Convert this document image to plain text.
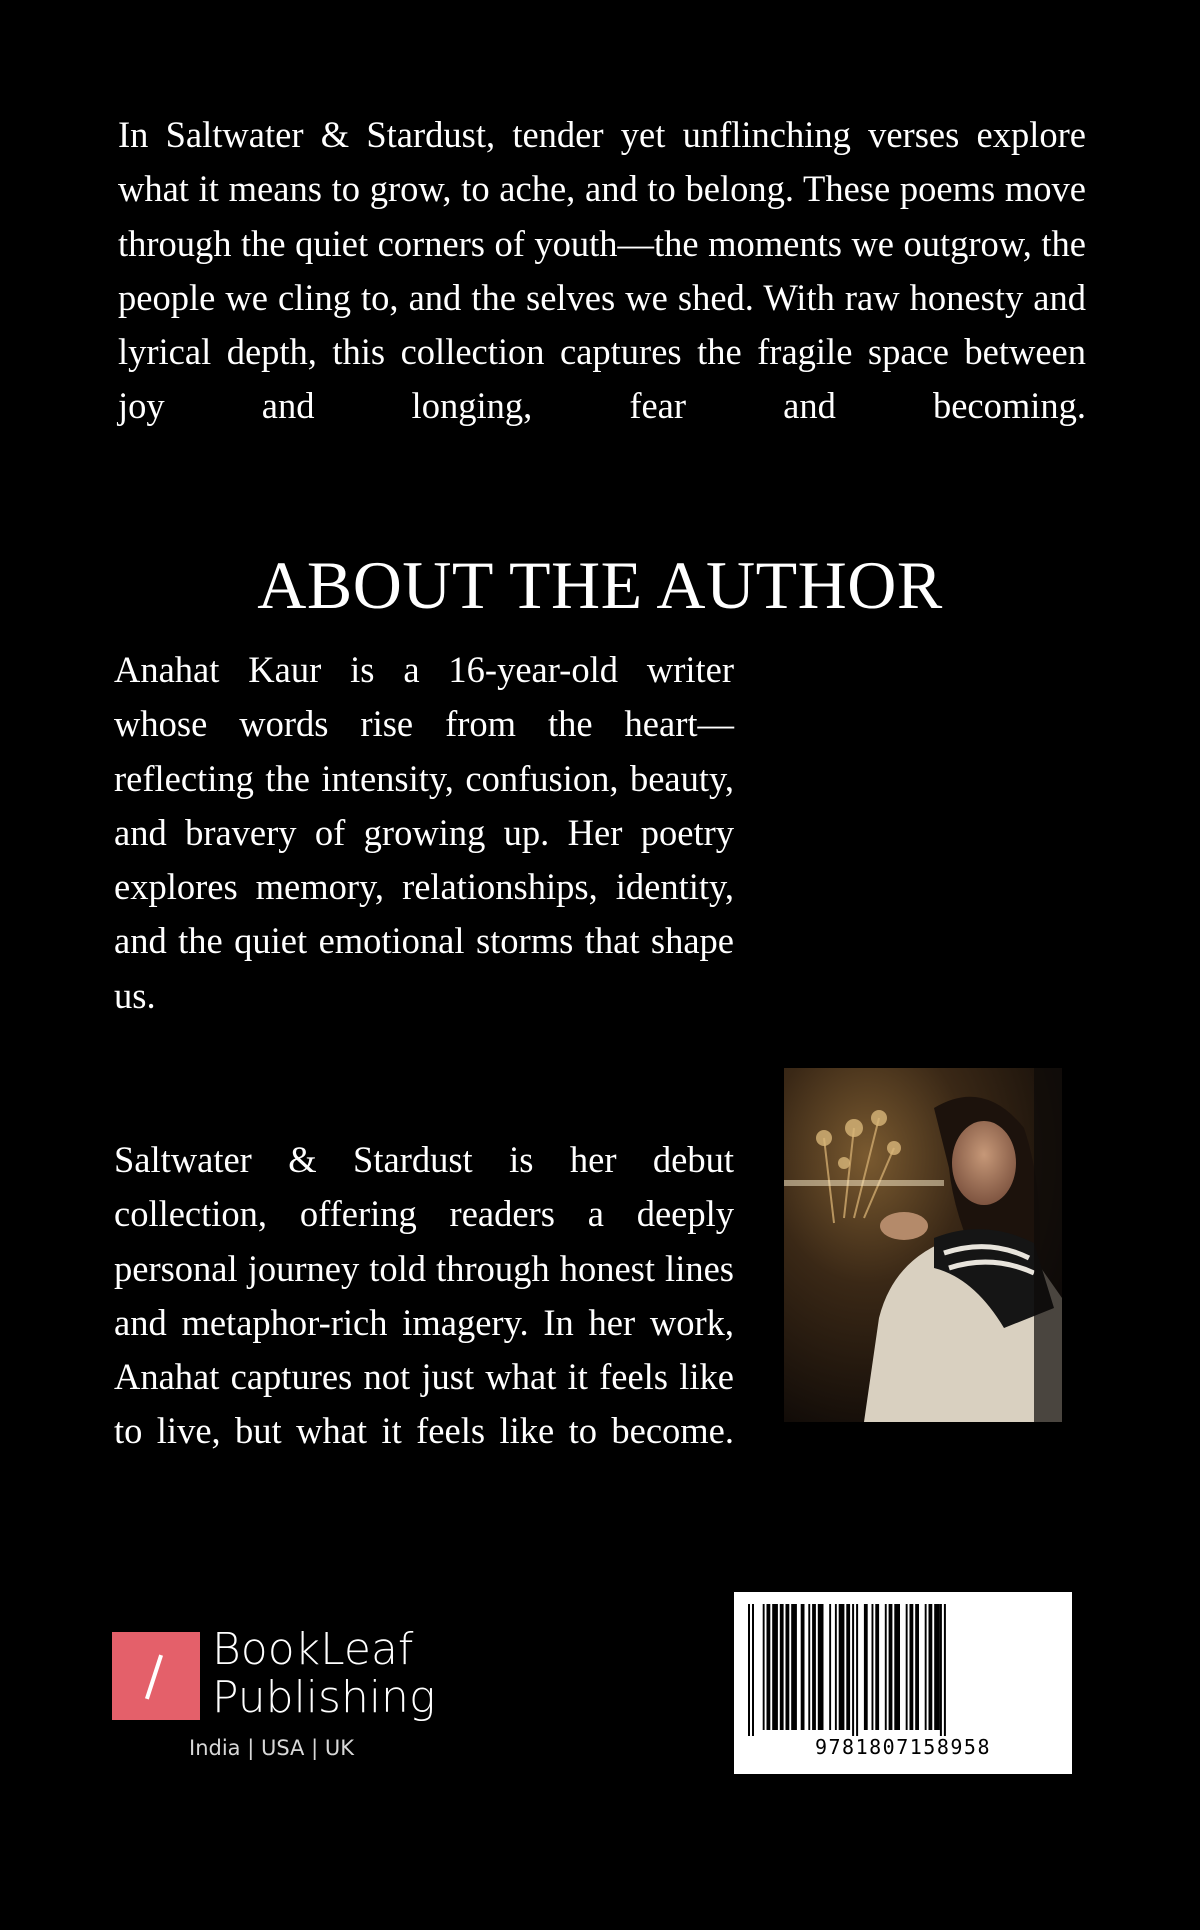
In Saltwater & Stardust, tender yet unflinching verses explore what it means to grow, to ache, and to belong. These poems move through the quiet corners of youth—the moments we outgrow, the people we cling to, and the selves we shed. With raw honesty and lyrical depth, this collection captures the fragile space between joy and longing, fear and becoming.

ABOUT THE AUTHOR

Anahat Kaur is a 16-year-old writer whose words rise from the heart—reflecting the intensity, confusion, beauty, and bravery of growing up. Her poetry explores memory, relationships, identity, and the quiet emotional storms that shape us.

Saltwater & Stardust is her debut collection, offering readers a deeply personal journey told through honest lines and metaphor-rich imagery. In her work, Anahat captures not just what it feels like to live, but what it feels like to become.

BookLeaf
Publishing
India | USA | UK	9781807158958
